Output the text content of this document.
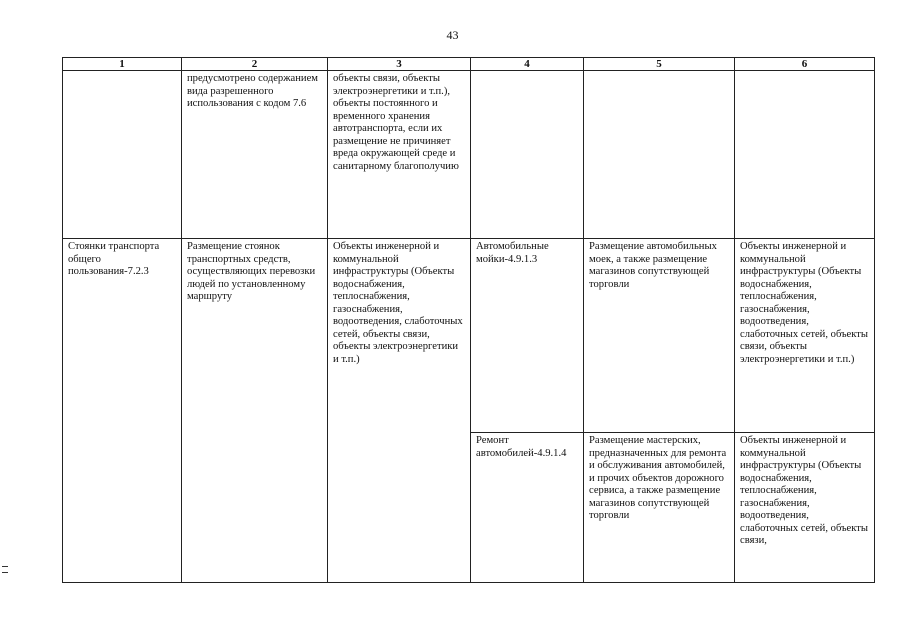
43
1	2	3	4	5	6
	предусмотрено содержанием вида разрешенного использования с кодом 7.6	объекты связи, объекты электроэнергетики и т.п.), объекты постоянного и временного хранения автотранспорта, если их размещение не причиняет вреда окружающей среде и санитарному благополучию			
Стоянки транспорта общего пользования-7.2.3	Размещение стоянок транспортных средств, осуществляющих перевозки людей по установленному маршруту	Объекты инженерной и коммунальной инфраструктуры (Объекты водоснабжения, теплоснабжения, газоснабжения, водоотведения, слаботочных сетей, объекты связи, объекты электроэнергетики и т.п.)	Автомобильные мойки-4.9.1.3	Размещение автомобильных моек, а также размещение магазинов сопутствующей торговли	Объекты инженерной и коммунальной инфраструктуры (Объекты водоснабжения, теплоснабжения, газоснабжения, водоотведения, слаботочных сетей, объекты связи, объекты электроэнергетики и т.п.)
			Ремонт автомобилей-4.9.1.4	Размещение мастерских, предназначенных для ремонта и обслуживания автомобилей, и прочих объектов дорожного сервиса, а также размещение магазинов сопутствующей торговли	Объекты инженерной и коммунальной инфраструктуры (Объекты водоснабжения, теплоснабжения, газоснабжения, водоотведения, слаботочных сетей, объекты связи,
